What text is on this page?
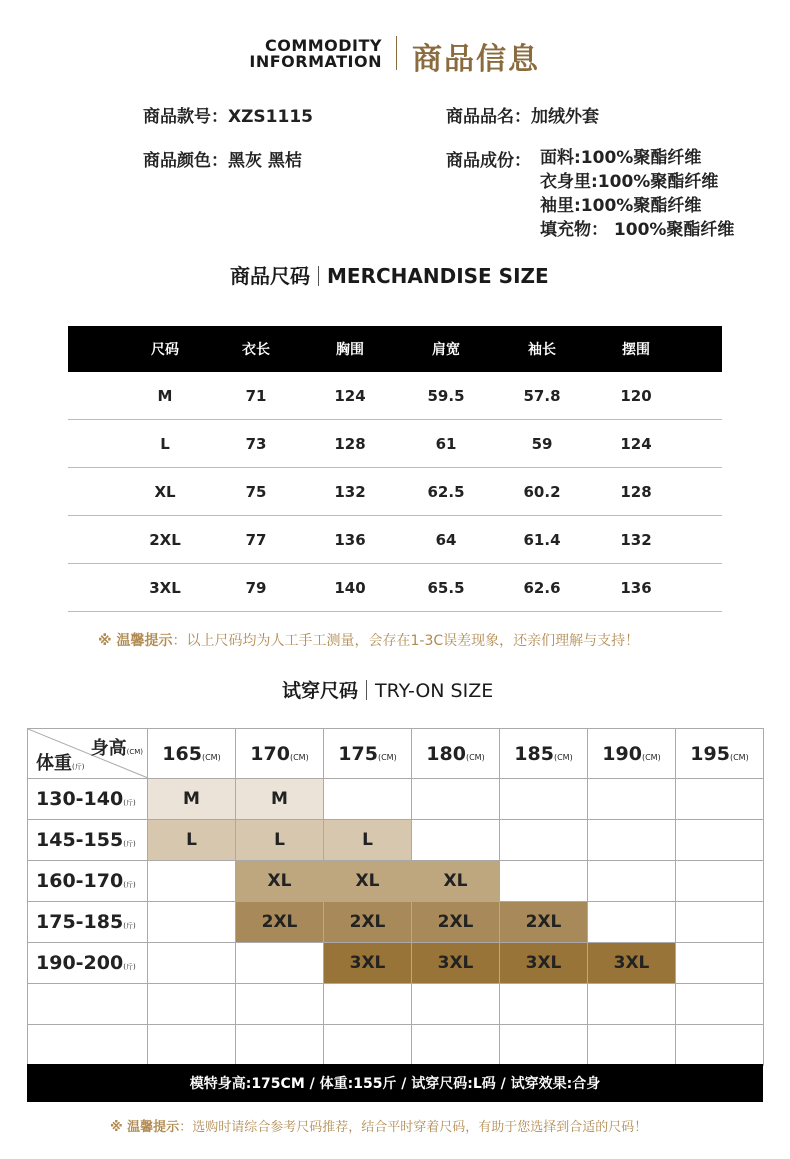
COMMODITY
INFORMATION 商品信息
商品款号：XZS1115	商品品名：加绒外套
商品颜色：黑灰 黑桔	商品成份： 面料:100%聚酯纤维
衣身里:100%聚酯纤维
袖里:100%聚酯纤维
填充物： 100%聚酯纤维
商品尺码 MERCHANDISE SIZE
尺码	衣长	胸围	肩宽	袖长	摆围
M	71	124	59.5	57.8	120
L	73	128	61	59	124
XL	75	132	62.5	60.2	128
2XL	77	136	64	61.4	132
3XL	79	140	65.5	62.6	136
※ 温馨提示：以上尺码均为人工手工测量，会存在1-3C误差现象，还亲们理解与支持！
试穿尺码 TRY-ON SIZE
身高(CM)
体重(斤)	165(CM)	170(CM)	175(CM)	180(CM)	185(CM)	190(CM)	195(CM)
130-140(斤)	M	M					
145-155(斤)	L	L	L				
160-170(斤)		XL	XL	XL			
175-185(斤)		2XL	2XL	2XL	2XL		
190-200(斤)			3XL	3XL	3XL	3XL	

模特身高:175CM / 体重:155斤 / 试穿尺码:L码 / 试穿效果:合身
※ 温馨提示：选购时请综合参考尺码推荐，结合平时穿着尺码，有助于您选择到合适的尺码！
